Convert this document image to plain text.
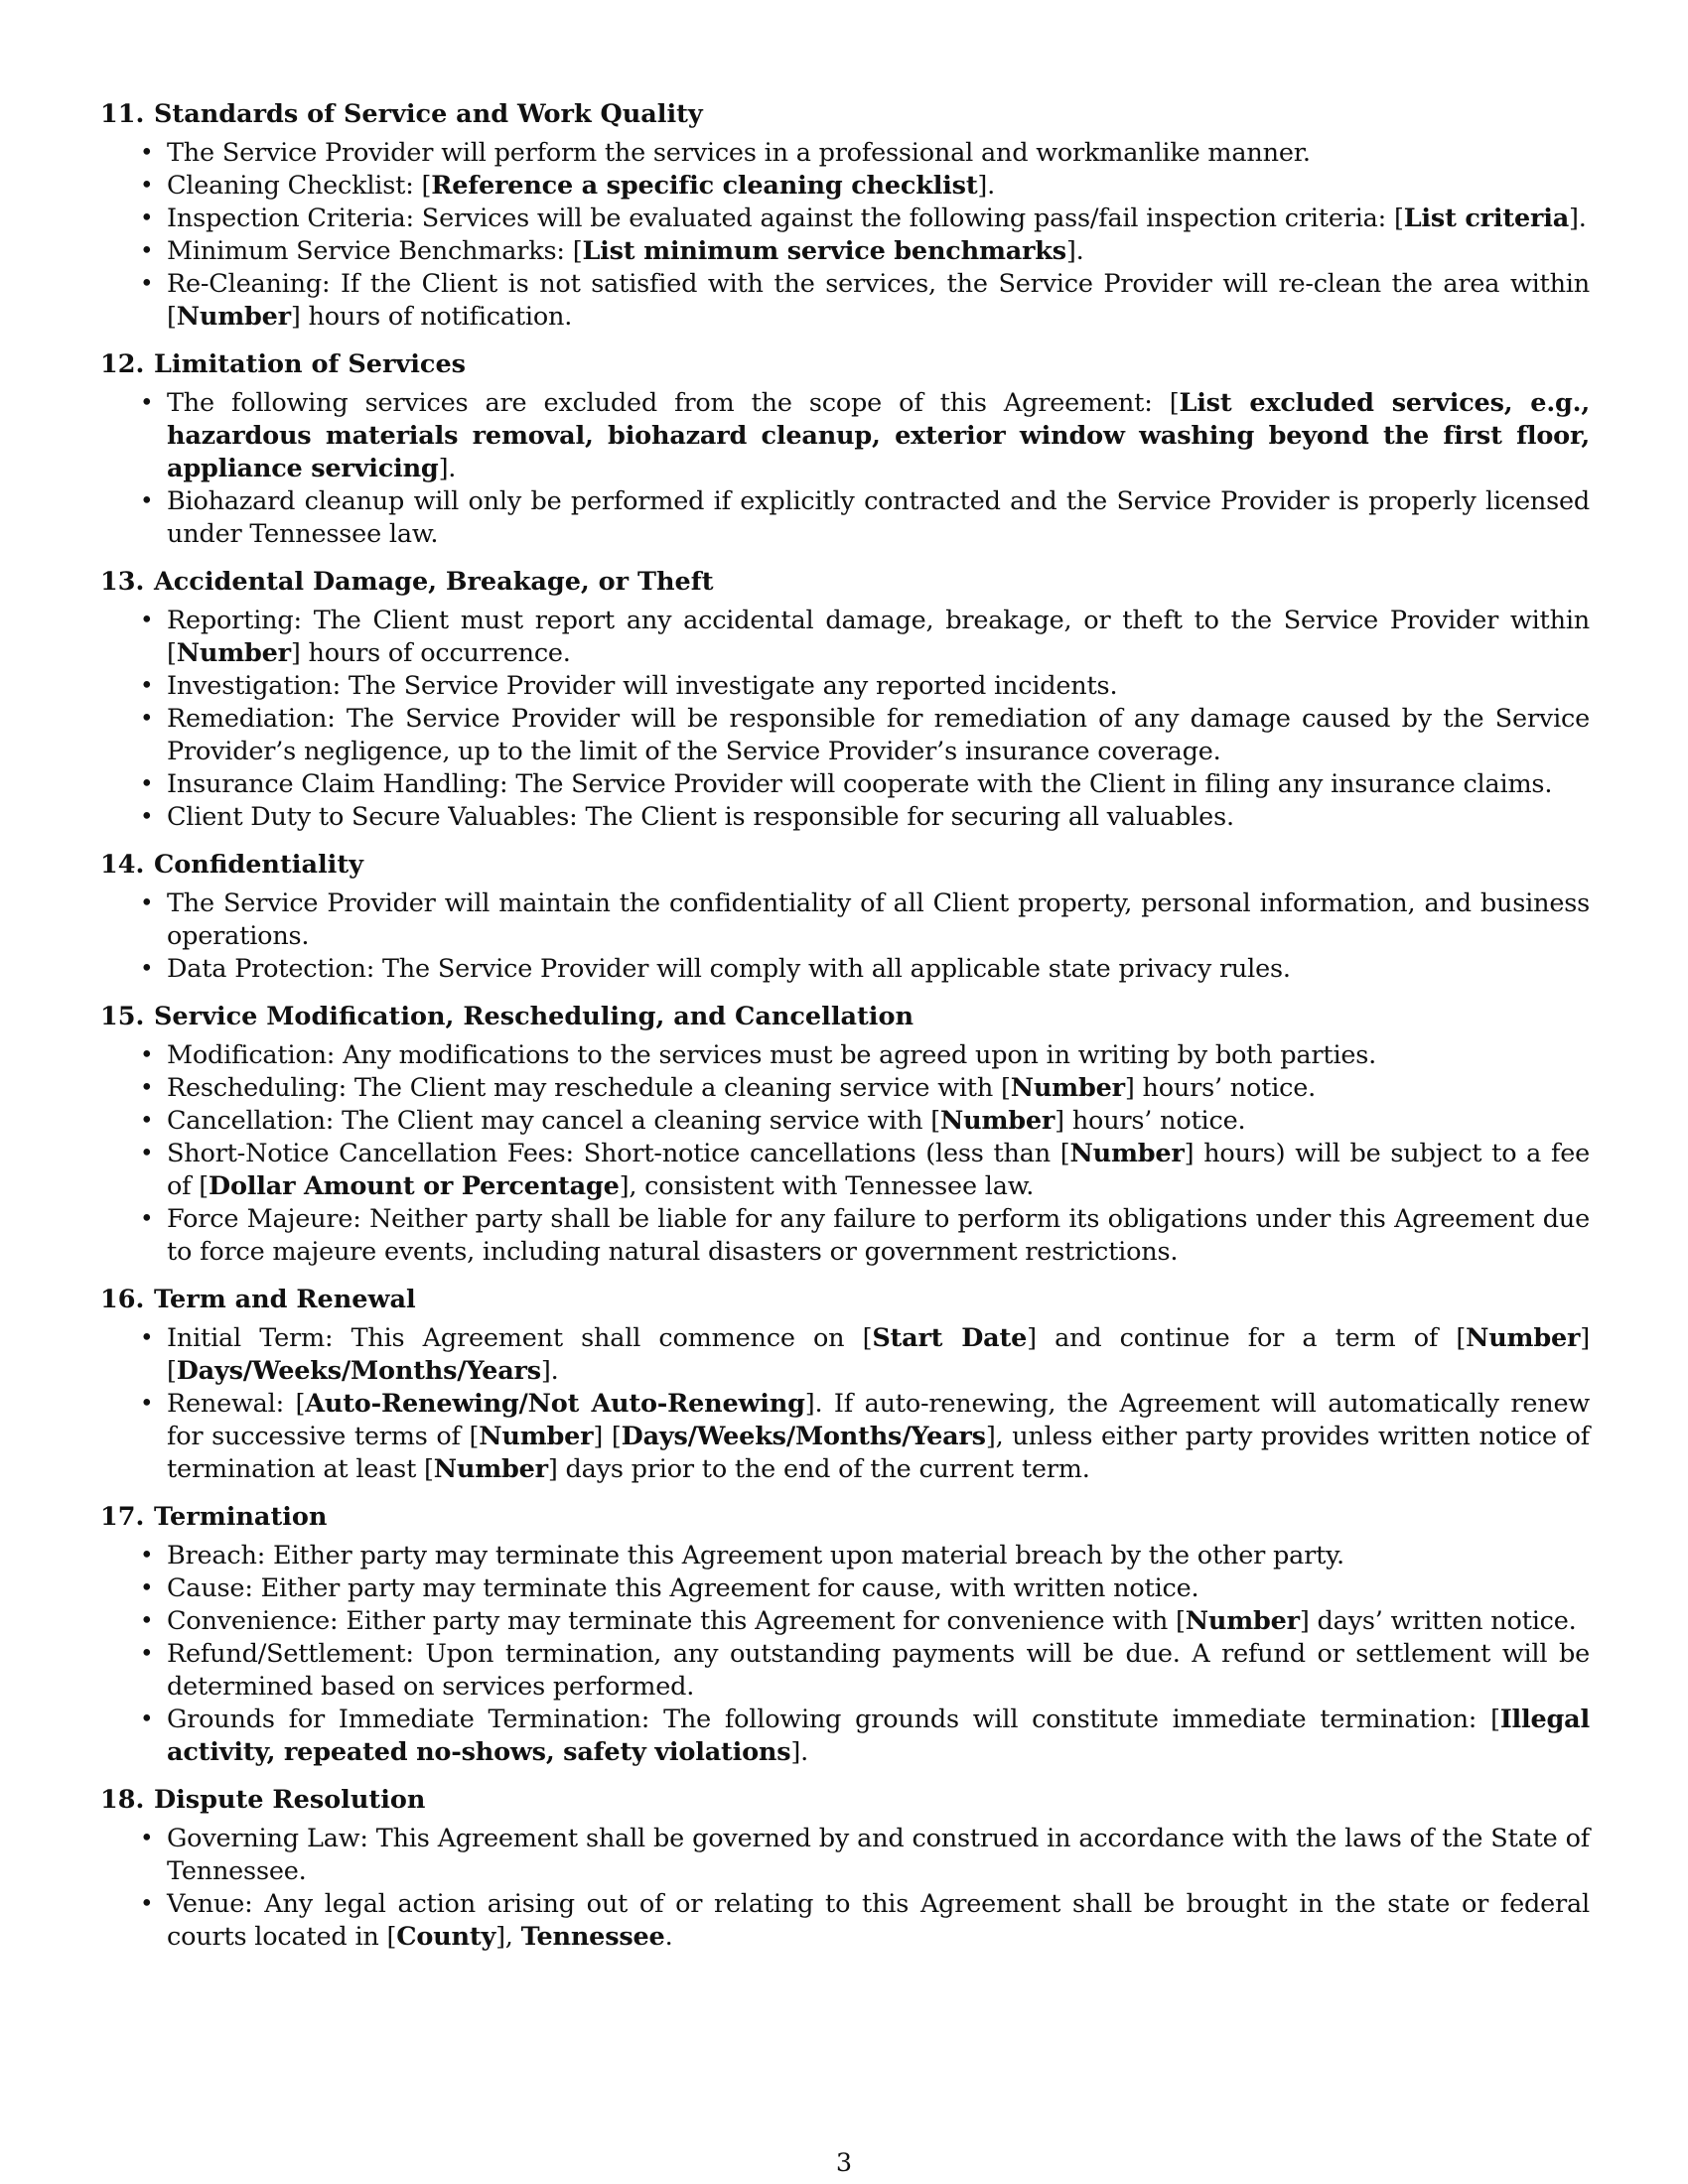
11. Standards of Service and Work Quality
• The Service Provider will perform the services in a professional and workmanlike manner.
• Cleaning Checklist: [Reference a specific cleaning checklist].
• Inspection Criteria: Services will be evaluated against the following pass/fail inspection criteria: [List criteria].
• Minimum Service Benchmarks: [List minimum service benchmarks].
• Re-Cleaning: If the Client is not satisfied with the services, the Service Provider will re-clean the area within [Number] hours of notification.
12. Limitation of Services
• The following services are excluded from the scope of this Agreement: [List excluded services, e.g., hazardous materials removal, biohazard cleanup, exterior window washing beyond the first floor, appliance servicing].
• Biohazard cleanup will only be performed if explicitly contracted and the Service Provider is properly licensed under Tennessee law.
13. Accidental Damage, Breakage, or Theft
• Reporting: The Client must report any accidental damage, breakage, or theft to the Service Provider within [Number] hours of occurrence.
• Investigation: The Service Provider will investigate any reported incidents.
• Remediation: The Service Provider will be responsible for remediation of any damage caused by the Service Provider’s negligence, up to the limit of the Service Provider’s insurance coverage.
• Insurance Claim Handling: The Service Provider will cooperate with the Client in filing any insurance claims.
• Client Duty to Secure Valuables: The Client is responsible for securing all valuables.
14. Confidentiality
• The Service Provider will maintain the confidentiality of all Client property, personal information, and business operations.
• Data Protection: The Service Provider will comply with all applicable state privacy rules.
15. Service Modification, Rescheduling, and Cancellation
• Modification: Any modifications to the services must be agreed upon in writing by both parties.
• Rescheduling: The Client may reschedule a cleaning service with [Number] hours’ notice.
• Cancellation: The Client may cancel a cleaning service with [Number] hours’ notice.
• Short-Notice Cancellation Fees: Short-notice cancellations (less than [Number] hours) will be subject to a fee of [Dollar Amount or Percentage], consistent with Tennessee law.
• Force Majeure: Neither party shall be liable for any failure to perform its obligations under this Agreement due to force majeure events, including natural disasters or government restrictions.
16. Term and Renewal
• Initial Term: This Agreement shall commence on [Start Date] and continue for a term of [Number] [Days/Weeks/Months/Years].
• Renewal: [Auto-Renewing/Not Auto-Renewing]. If auto-renewing, the Agreement will automatically renew for successive terms of [Number] [Days/Weeks/Months/Years], unless either party provides written notice of termination at least [Number] days prior to the end of the current term.
17. Termination
• Breach: Either party may terminate this Agreement upon material breach by the other party.
• Cause: Either party may terminate this Agreement for cause, with written notice.
• Convenience: Either party may terminate this Agreement for convenience with [Number] days’ written notice.
• Refund/Settlement: Upon termination, any outstanding payments will be due. A refund or settlement will be determined based on services performed.
• Grounds for Immediate Termination: The following grounds will constitute immediate termination: [Illegal activity, repeated no-shows, safety violations].
18. Dispute Resolution
• Governing Law: This Agreement shall be governed by and construed in accordance with the laws of the State of Tennessee.
• Venue: Any legal action arising out of or relating to this Agreement shall be brought in the state or federal courts located in [County], Tennessee.
3
